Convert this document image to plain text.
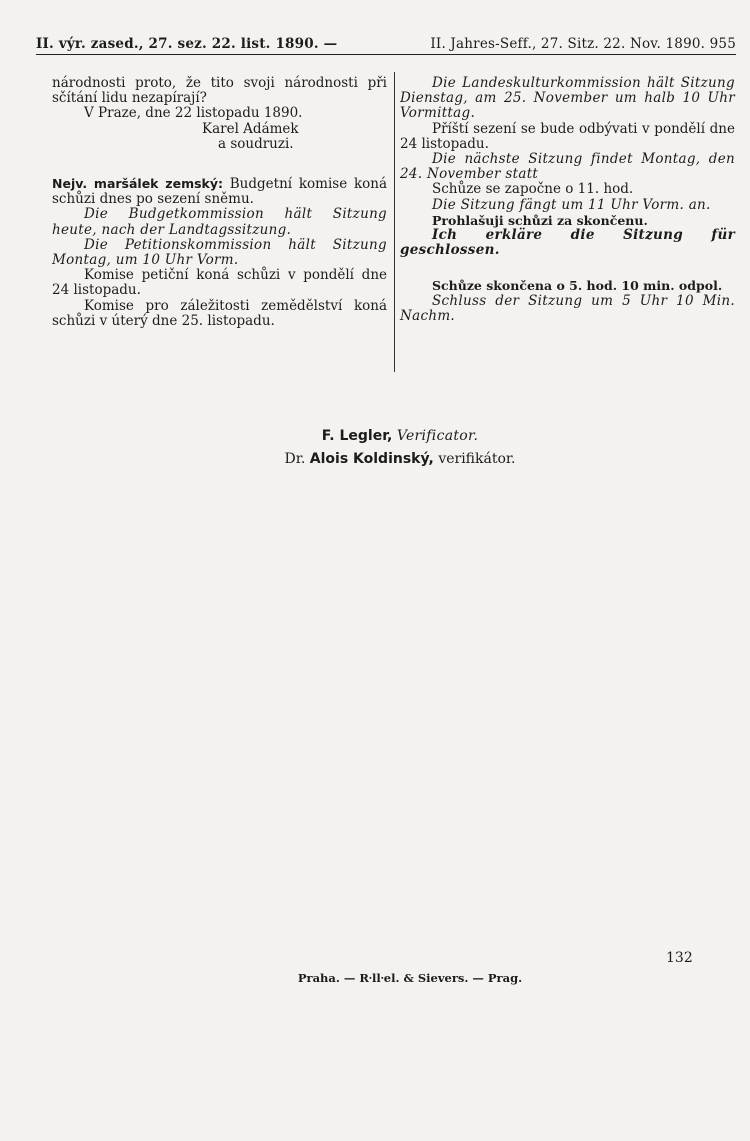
II. výr. zased., 27. sez. 22. list. 1890. —	II. Jahres-Seff., 27. Sitz. 22. Nov. 1890. 955

národnosti proto, že tito svoji národnosti při sčítání lidu nezapírají?

V Praze, dne 22 listopadu 1890.

Karel Adámek

a soudruzi.

Nejv. maršálek zemský: Budgetní komise koná schůzi dnes po sezení sněmu.

Die Budgetkommission hält Sitzung heute, nach der Landtagssitzung.

Die Petitionskommission hält Sitzung Montag, um 10 Uhr Vorm.

Komise petiční koná schůzi v pondělí dne 24 listopadu.

Komise pro záležitosti zemědělství koná schůzi v úterý dne 25. listopadu.

Die Landeskulturkommission hält Sitzung Dienstag, am 25. November um halb 10 Uhr Vormittag.

Příští sezení se bude odbývati v pondělí dne 24 listopadu.

Die nächste Sitzung findet Montag, den 24. November statt

Schůze se započne o 11. hod.

Die Sitzung fängt um 11 Uhr Vorm. an.

Prohlašuji schůzi za skončenu.

Ich erkläre die Sitzung für geschlossen.

Schůze skončena o 5. hod. 10 min. odpol.

Schluss der Sitzung um 5 Uhr 10 Min. Nachm.

F. Legler, Verificator.
Dr. Alois Koldinský, verifikátor.
132
Praha. — R⸱ll⸱el. & Sievers. — Prag.
